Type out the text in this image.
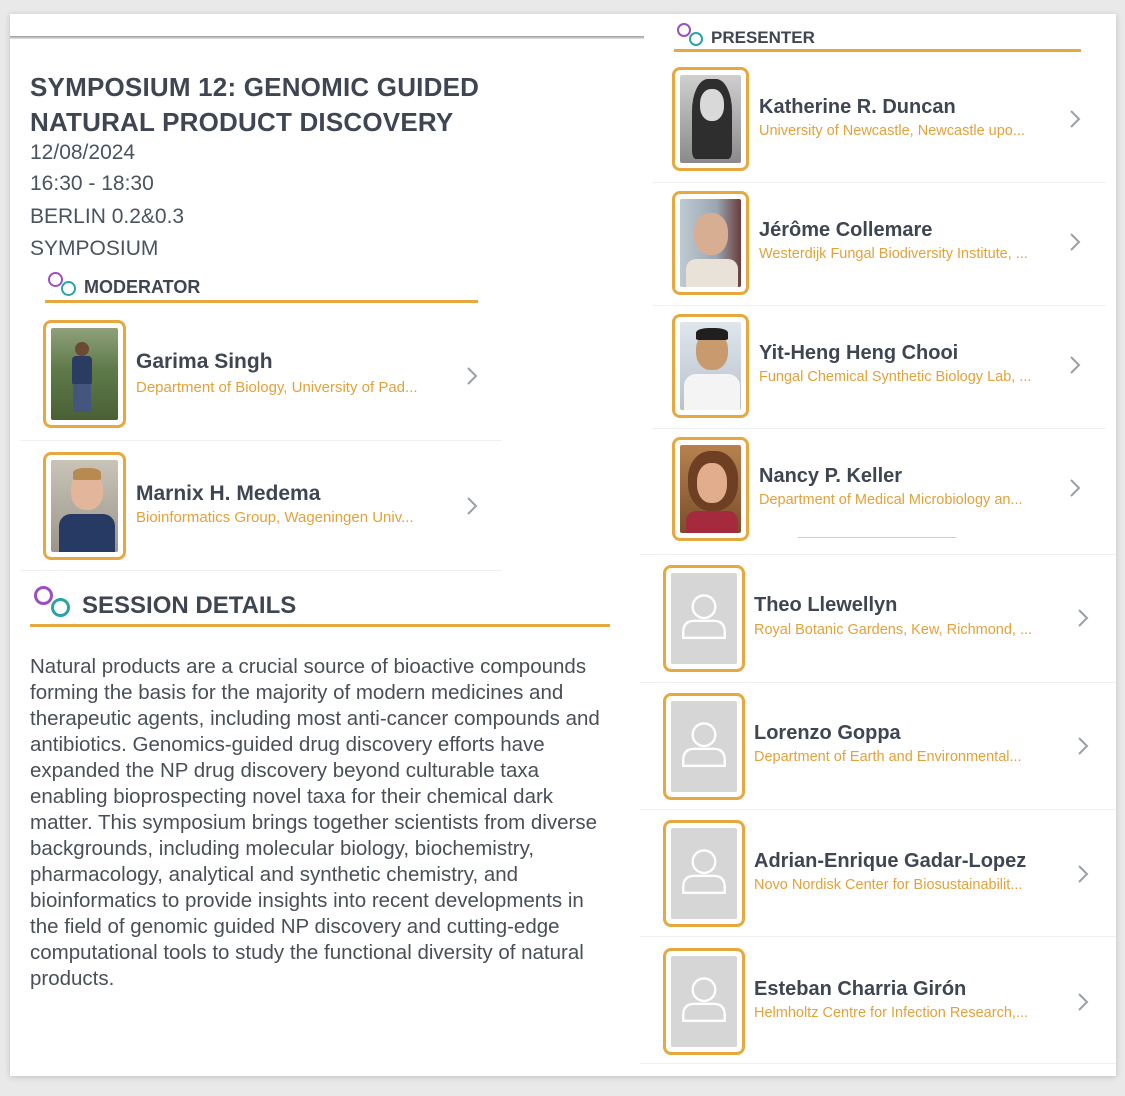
SYMPOSIUM 12: GENOMIC GUIDED NATURAL PRODUCT DISCOVERY
12/08/2024
16:30 - 18:30
BERLIN 0.2&0.3
SYMPOSIUM
MODERATOR
Garima Singh
Department of Biology, University of Pad...
Marnix H. Medema
Bioinformatics Group, Wageningen Univ...
SESSION DETAILS

Natural products are a crucial source of bioactive compounds forming the basis for the majority of modern medicines and therapeutic agents, including most anti-cancer compounds and antibiotics. Genomics-guided drug discovery efforts have expanded the NP drug discovery beyond culturable taxa enabling bioprospecting novel taxa for their chemical dark matter. This symposium brings together scientists from diverse backgrounds, including molecular biology, biochemistry, pharmacology, analytical and synthetic chemistry, and bioinformatics to provide insights into recent developments in the field of genomic guided NP discovery and cutting-edge computational tools to study the functional diversity of natural products.

PRESENTER
Katherine R. Duncan
University of Newcastle, Newcastle upo...
Jérôme Collemare
Westerdijk Fungal Biodiversity Institute, ...
Yit-Heng Heng Chooi
Fungal Chemical Synthetic Biology Lab, ...
Nancy P. Keller
Department of Medical Microbiology an...
Theo Llewellyn
Royal Botanic Gardens, Kew, Richmond, ...
Lorenzo Goppa
Department of Earth and Environmental...
Adrian-Enrique Gadar-Lopez
Novo Nordisk Center for Biosustainabilit...
Esteban Charria Girón
Helmholtz Centre for Infection Research,...
